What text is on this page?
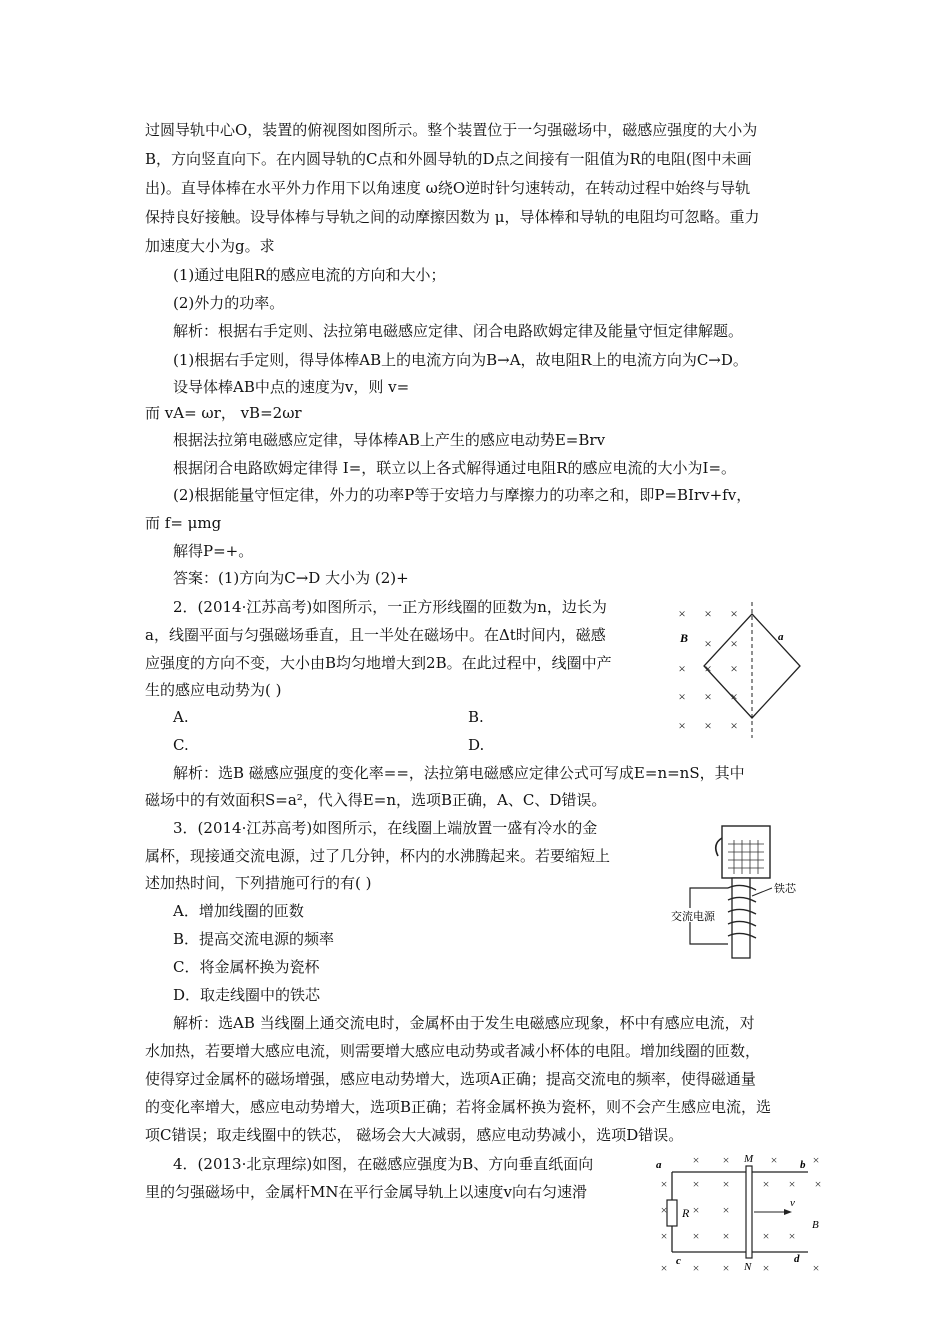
过圆导轨中心O，装置的俯视图如图所示。整个装置位于一匀强磁场中，磁感应强度的大小为
B，方向竖直向下。在内圆导轨的C点和外圆导轨的D点之间接有一阻值为R的电阻(图中未画
出)。直导体棒在水平外力作用下以角速度 ω绕O逆时针匀速转动，在转动过程中始终与导轨
保持良好接触。设导体棒与导轨之间的动摩擦因数为 μ，导体棒和导轨的电阻均可忽略。重力
加速度大小为g。求
(1)通过电阻R的感应电流的方向和大小；
(2)外力的功率。
解析：根据右手定则、法拉第电磁感应定律、闭合电路欧姆定律及能量守恒定律解题。
(1)根据右手定则，得导体棒AB上的电流方向为B→A，故电阻R上的电流方向为C→D。
设导体棒AB中点的速度为v，则 v=
而 vA= ωr， vB=2ωr
根据法拉第电磁感应定律，导体棒AB上产生的感应电动势E=Brv
根据闭合电路欧姆定律得 I=，联立以上各式解得通过电阻R的感应电流的大小为I=。
(2)根据能量守恒定律，外力的功率P等于安培力与摩擦力的功率之和，即P=BIrv+fv，
而 f= μmg
解得P=+。
答案：(1)方向为C→D 大小为 (2)+
2．(2014·江苏高考)如图所示，一正方形线圈的匝数为n，边长为
a，线圈平面与匀强磁场垂直，且一半处在磁场中。在Δt时间内，磁感
应强度的方向不变，大小由B均匀地增大到2B。在此过程中，线圈中产
生的感应电动势为( )
A.	B.
C.	D.
解析：选B 磁感应强度的变化率==，法拉第电磁感应定律公式可写成E=n=nS，其中
磁场中的有效面积S=a²，代入得E=n，选项B正确，A、C、D错误。
3．(2014·江苏高考)如图所示，在线圈上端放置一盛有冷水的金
属杯，现接通交流电源，过了几分钟，杯内的水沸腾起来。若要缩短上
述加热时间，下列措施可行的有( )
A．增加线圈的匝数
B．提高交流电源的频率
C．将金属杯换为瓷杯
D．取走线圈中的铁芯
解析：选AB 当线圈上通交流电时，金属杯由于发生电磁感应现象，杯中有感应电流，对
水加热，若要增大感应电流，则需要增大感应电动势或者减小杯体的电阻。增加线圈的匝数，
使得穿过金属杯的磁场增强，感应电动势增大，选项A正确；提高交流电的频率，使得磁通量
的变化率增大，感应电动势增大，选项B正确；若将金属杯换为瓷杯，则不会产生感应电流，选
项C错误；取走线圈中的铁芯， 磁场会大大减弱，感应电动势减小，选项D错误。
4．(2013·北京理综)如图，在磁感应强度为B、方向垂直纸面向
里的匀强磁场中，金属杆MN在平行金属导轨上以速度v向右匀速滑
× × ×
× ×
× × ×
× × ×
× × ×
B	a
交流电源
铁芯
× ×	×	×
× × ×	× × ×
× × ×
× × ×	× ×
× × ×	×	×
a	b
c	d
M
N
R
v
B
